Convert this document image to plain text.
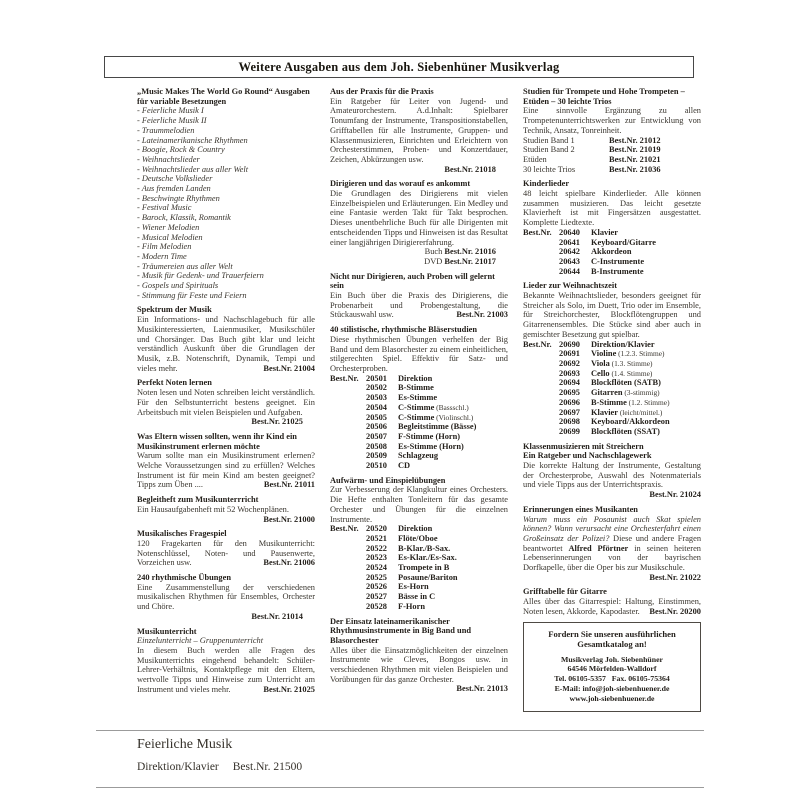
Weitere Ausgaben aus dem Joh. Siebenhüner Musikverlag
„Music Makes The World Go Round“ Ausgaben für variable Besetzungen
- Feierliche Musik I
- Feierliche Musik II
- Traummelodien
- Lateinamerikanische Rhythmen
- Boogie, Rock & Country
- Weihnachtslieder
- Weihnachtslieder aus aller Welt
- Deutsche Volkslieder
- Aus fremden Landen
- Beschwingte Rhythmen
- Festival Music
- Barock, Klassik, Romantik
- Wiener Melodien
- Musical Melodien
- Film Melodien
- Modern Time
- Träumereien aus aller Welt
- Musik für Gedenk- und Trauerfeiern
- Gospels und Spirituals
- Stimmung für Feste und Feiern
Spektrum der Musik

Ein Informations- und Nachschlagebuch für alle Musikinteressierten, Laienmusiker, Musikschüler und Chorsänger. Das Buch gibt klar und leicht verständlich Auskunft über die Grundlagen der Musik, z.B. Notenschrift, Dynamik, Tempi und vieles mehr.	Best.Nr. 21004

Perfekt Noten lernen

Noten lesen und Noten schreiben leicht verständlich. Für den Selbstunterricht bestens geeignet. Ein Arbeitsbuch mit vielen Beispielen und Aufgaben.

Best.Nr. 21025
Was Eltern wissen sollten, wenn ihr Kind ein Musikinstrument erlernen möchte

Warum sollte man ein Musikinstrument erlernen? Welche Voraussetzungen sind zu erfüllen? Welches Instrument ist für mein Kind am besten geeignet? Tipps zum Üben ....	Best.Nr. 21011

Begleitheft zum Musikunterrricht

Ein Hausaufgabenheft mit 52 Wochenplänen.
Best.Nr. 21000

Musikalisches Fragespiel

120 Fragekarten für den Musikunterricht: Notenschlüssel, Noten- und Pausenwerte, Vorzeichen usw.	Best.Nr. 21006

240 rhythmische Übungen

Eine Zusammenstellung der verschiedenen musikalischen Rhythmen für Ensembles, Orchester und Chöre.

Best.Nr. 21014
Musikunterricht
Einzelunterricht – Gruppenunterricht

In diesem Buch werden alle Fragen des Musikunterrichts eingehend behandelt: Schüler-Lehrer-Verhältnis, Kontaktpflege mit den Eltern, wertvolle Tipps und Hinweise zum Unterricht am Instrument und vieles mehr.	Best.Nr. 21025

Aus der Praxis für die Praxis

Ein Ratgeber für Leiter von Jugend- und Amateurorchestern. A.d.Inhalt: Spielbarer Tonumfang der Instrumente, Transpositionstabellen, Grifftabellen für alle Instrumente, Gruppen- und Klassenmusizieren, Einrichten und Erleichtern von Orchesterstimmen, Proben- und Konzertdauer, Zeichen, Abkürzungen usw.

Best.Nr. 21018
Dirigieren und das worauf es ankommt

Die Grundlagen des Dirigierens mit vielen Einzelbeispielen und Erläuterungen. Ein Medley und eine Fantasie werden Takt für Takt besprochen. Dieses unentbehrliche Buch für alle Dirigenten mit entscheidenden Tipps und Hinweisen ist das Resultat einer langjährigen Dirigiererfahrung.

Buch Best.Nr. 21016
DVD Best.Nr. 21017
Nicht nur Dirigieren, auch Proben will gelernt sein

Ein Buch über die Praxis des Dirigierens, die Probenarbeit und Probengestaltung, die Stückauswahl usw.	Best.Nr. 21003

40 stilistische, rhythmische Bläserstudien

Diese rhythmischen Übungen verhelfen der Big Band und dem Blasorchester zu einem einheitlichen, stilgerechten Spiel. Effektiv für Satz- und Orchesterproben.

Best.Nr. 20501	Direktion
20502	B-Stimme
20503	Es-Stimme
20504	C-Stimme (Bassschl.)
20505	C-Stimme (Violinschl.)
20506	Begleitstimme (Bässe)
20507	F-Stimme (Horn)
20508	Es-Stimme (Horn)
20509	Schlagzeug
20510	CD
Aufwärm- und Einspielübungen

Zur Verbesserung der Klangkultur eines Orchesters. Die Hefte enthalten Tonleitern für das gesamte Orchester und Übungen für die einzelnen Instrumente.

Best.Nr. 20520	Direktion
20521	Flöte/Oboe
20522	B-Klar./B-Sax.
20523	Es-Klar./Es-Sax.
20524	Trompete in B
20525	Posaune/Bariton
20526	Es-Horn
20527	Bässe in C
20528	F-Horn
Der Einsatz lateinamerikanischer Rhythmusinstrumente in Big Band und Blasorchester

Alles über die Einsatzmöglichkeiten der einzelnen Instrumente wie Cleves, Bongos usw. in verschiedenen Rhythmen mit vielen Beispielen und Vorübungen für das ganze Orchester.
Best.Nr. 21013

Studien für Trompete und Hohe Trompeten – Etüden – 30 leichte Trios

Eine sinnvolle Ergänzung zu allen Trompetenunterrichtswerken zur Entwicklung von Technik, Ansatz, Tonreinheit.

Studien Band 1	Best.Nr. 21012
Studien Band 2	Best.Nr. 21019
Etüden	Best.Nr. 21021
30 leichte Trios	Best.Nr. 21036
Kinderlieder

48 leicht spielbare Kinderlieder. Alle können zusammen musizieren. Das leicht gesetzte Klavierheft ist mit Fingersätzen ausgestattet. Komplette Liedtexte.

Best.Nr. 20640	Klavier
20641	Keyboard/Gitarre
20642	Akkordeon
20643	C-Instrumente
20644	B-Instrumente
Lieder zur Weihnachtszeit

Bekannte Weihnachtslieder, besonders geeignet für Streicher als Solo, im Duett, Trio oder im Ensemble, für Streichorchester, Blockflötengruppen und Gitarrenensembles. Die Stücke sind aber auch in gemischter Besetzung gut spielbar.

Best.Nr. 20690	Direktion/Klavier
20691	Violine (1.2.3. Stimme)
20692	Viola (1.3. Stimme)
20693	Cello (1.4. Stimme)
20694	Blockflöten (SATB)
20695	Gitarren (3-stimmig)
20696	B-Stimme (1.2. Stimme)
20697	Klavier (leicht/mittel.)
20698	Keyboard/Akkordeon
20699	Blockflöten (SSAT)
Klassenmusizieren mit Streichern
Ein Ratgeber und Nachschlagewerk

Die korrekte Haltung der Instrumente, Gestaltung der Orchesterprobe, Auswahl des Notenmaterials und viele Tipps aus der Unterrichtspraxis.
Best.Nr. 21024

Erinnerungen eines Musikanten

Warum muss ein Posaunist auch Skat spielen können? Wann verursacht eine Orchesterfahrt einen Großeinsatz der Polizei? Diese und andere Fragen beantwortet Alfred Pförtner in seinen heiteren Lebenserinnerungen von der bayrischen Dorfkapelle, über die Oper bis zur Musikschule.
Best.Nr. 21022

Grifftabelle für Gitarre

Alles über das Gitarrespiel: Haltung, Einstimmen, Noten lesen, Akkorde, Kapodaster.	Best.Nr. 20200

Fordern Sie unseren ausführlichen Gesamtkatalog an!
Musikverlag Joh. Siebenhüner
64546 Mörfelden-Walldorf
Tel. 06105-5357   Fax. 06105-75364
E-Mail: info@joh-siebenhuener.de
www.joh-siebenhuener.de
Feierliche Musik
Direktion/Klavier Best.Nr. 21500
